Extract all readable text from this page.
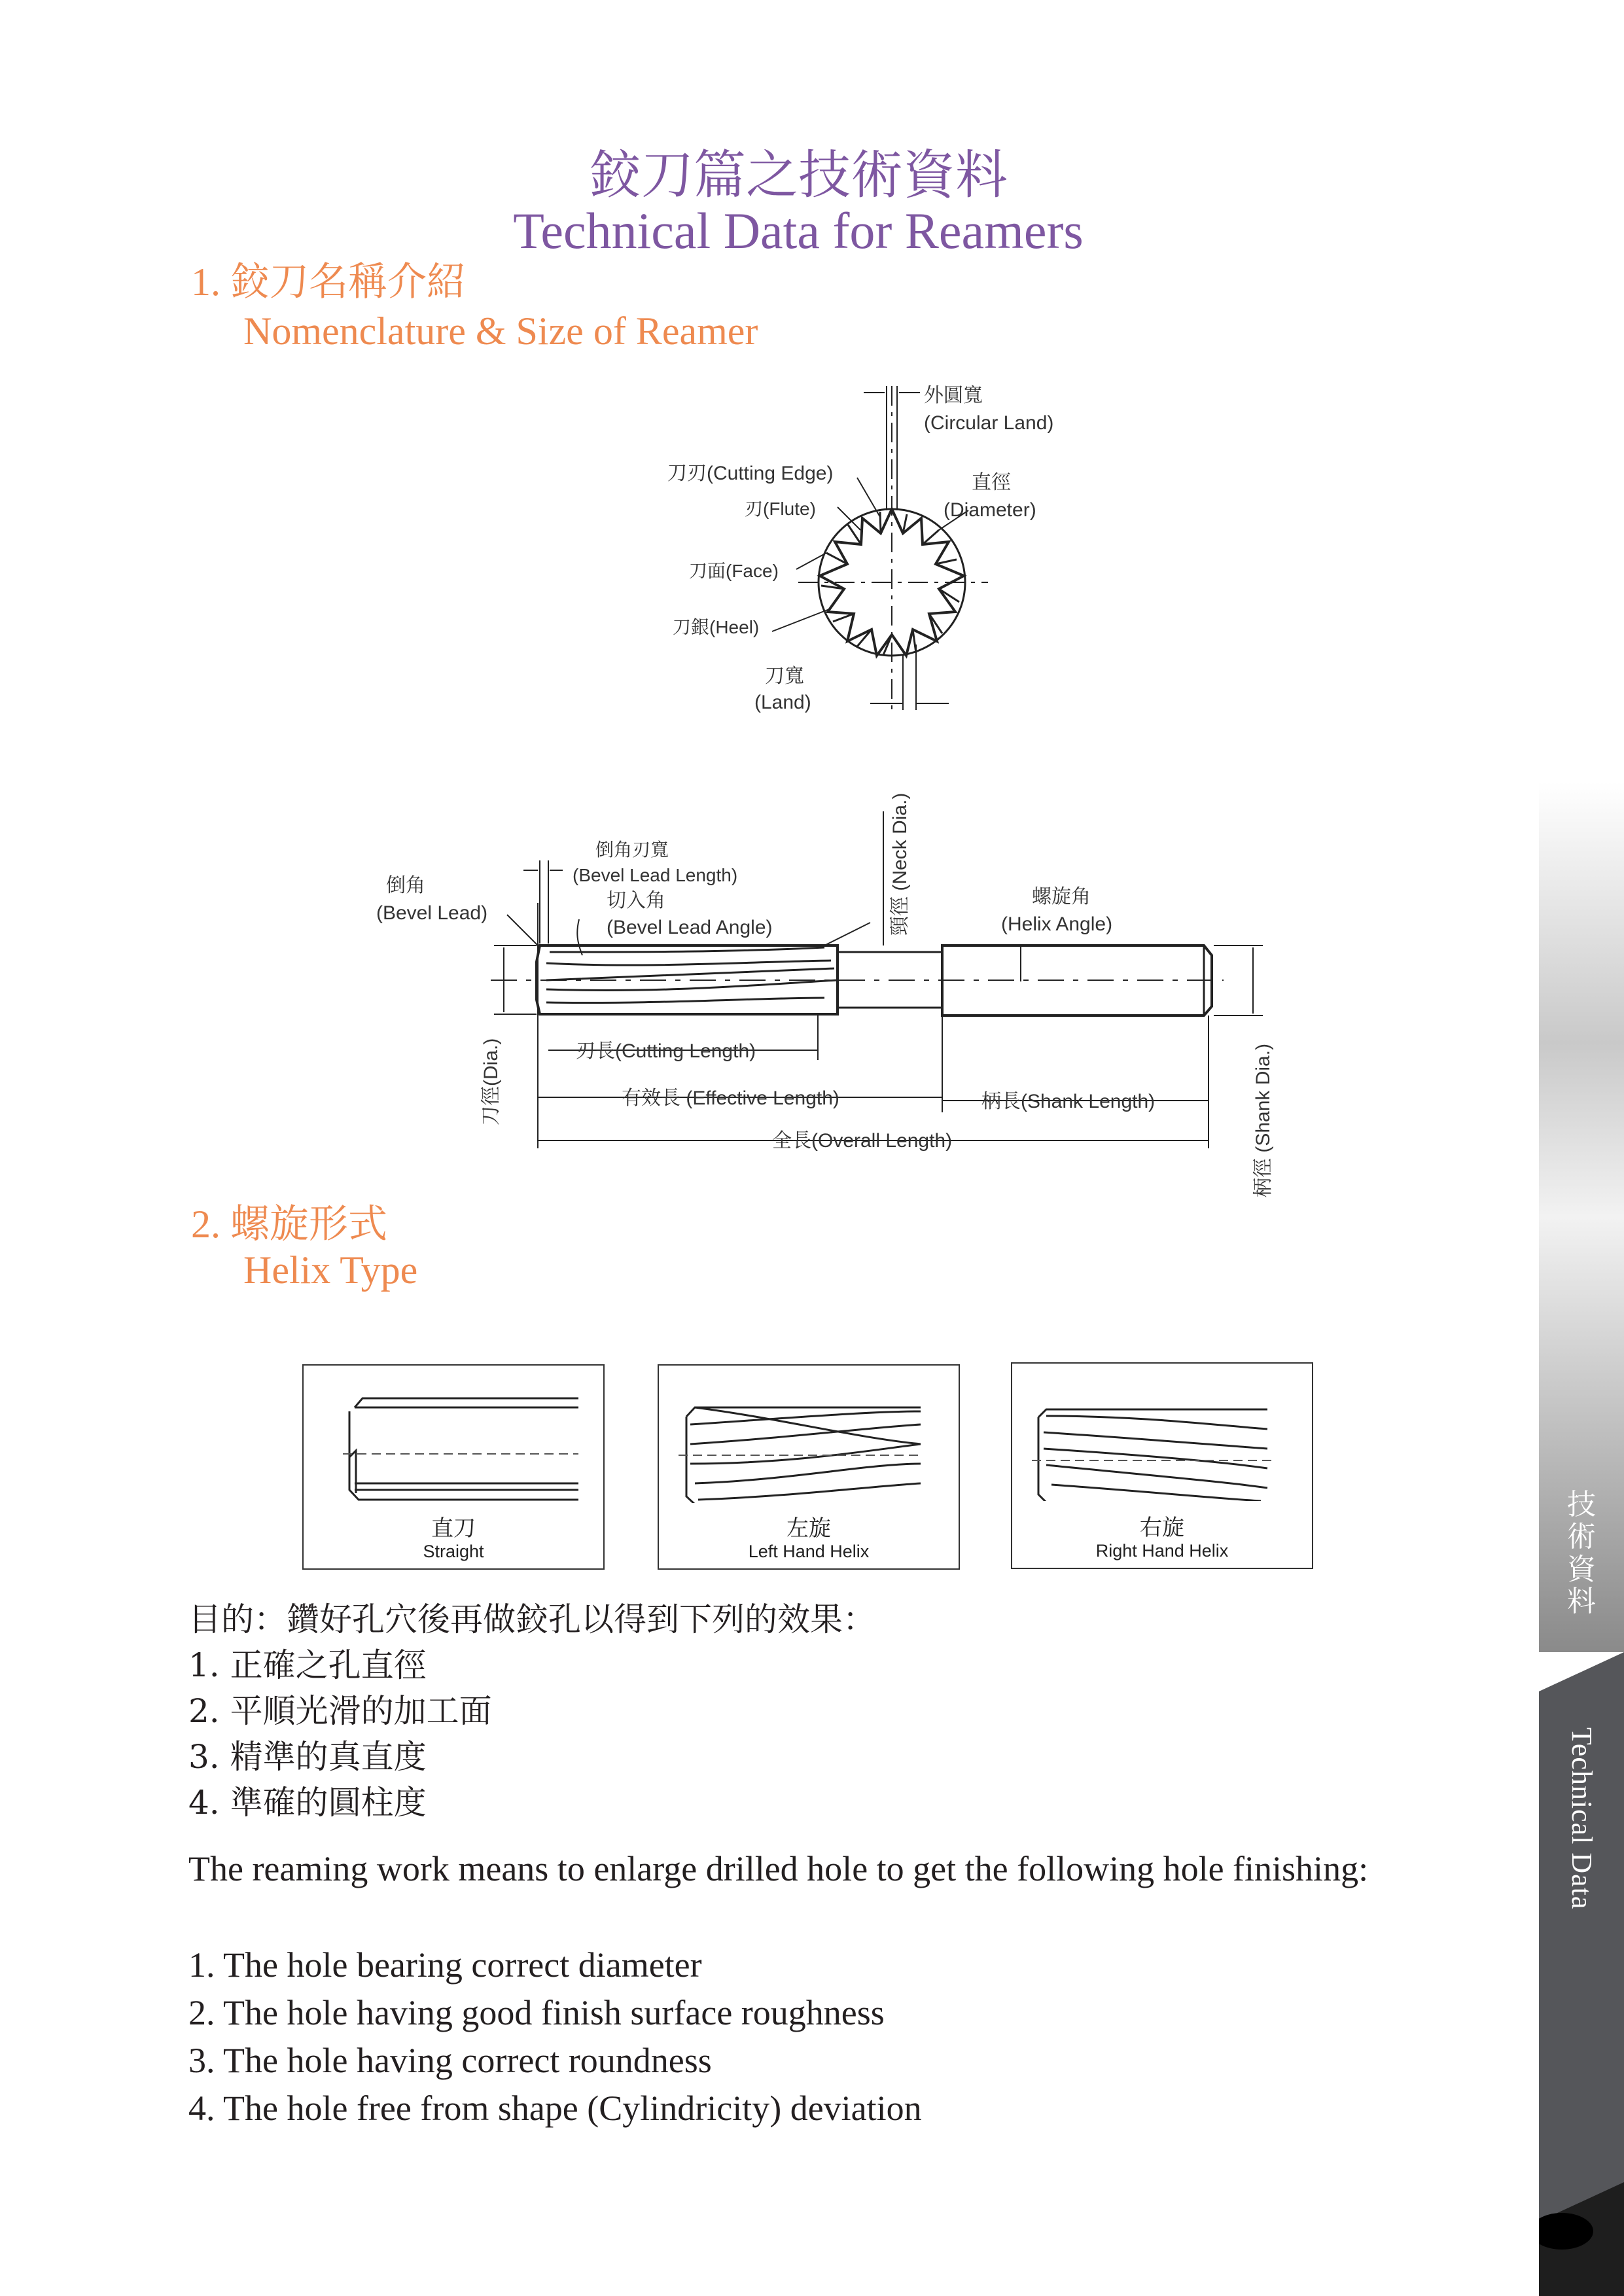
鉸刀篇之技術資料
Technical Data for Reamers
1. 鉸刀名稱介紹
Nomenclature & Size of Reamer
外圓寬
(Circular Land)
刀刃(Cutting Edge)
刃(Flute)
刀面(Face)
刀銀(Heel)
直徑
(Diameter)
刀寬
(Land)
倒角
(Bevel Lead)
倒角刃寬
(Bevel Lead Length)
切入角
(Bevel Lead Angle)	頸徑 (Neck Dia.)	螺旋角
(Helix Angle)
刀徑(Dia.)	刃長(Cutting Length)
有效長 (Effective Length)	柄長(Shank Length)
全長(Overall Length)	柄徑 (Shank Dia.)
2. 螺旋形式
Helix Type
直刀
Straight
左旋
Left Hand Helix
右旋
Right Hand Helix
目的：鑽好孔穴後再做鉸孔以得到下列的效果：
1. 正確之孔直徑
2. 平順光滑的加工面
3. 精準的真直度
4. 準確的圓柱度
The reaming work means to enlarge drilled hole to get the following hole finishing:
1. The hole bearing correct diameter
2. The hole having good finish surface roughness
3. The hole having correct roundness
4. The hole free from shape (Cylindricity) deviation
技
術
資
料
Technical Data
